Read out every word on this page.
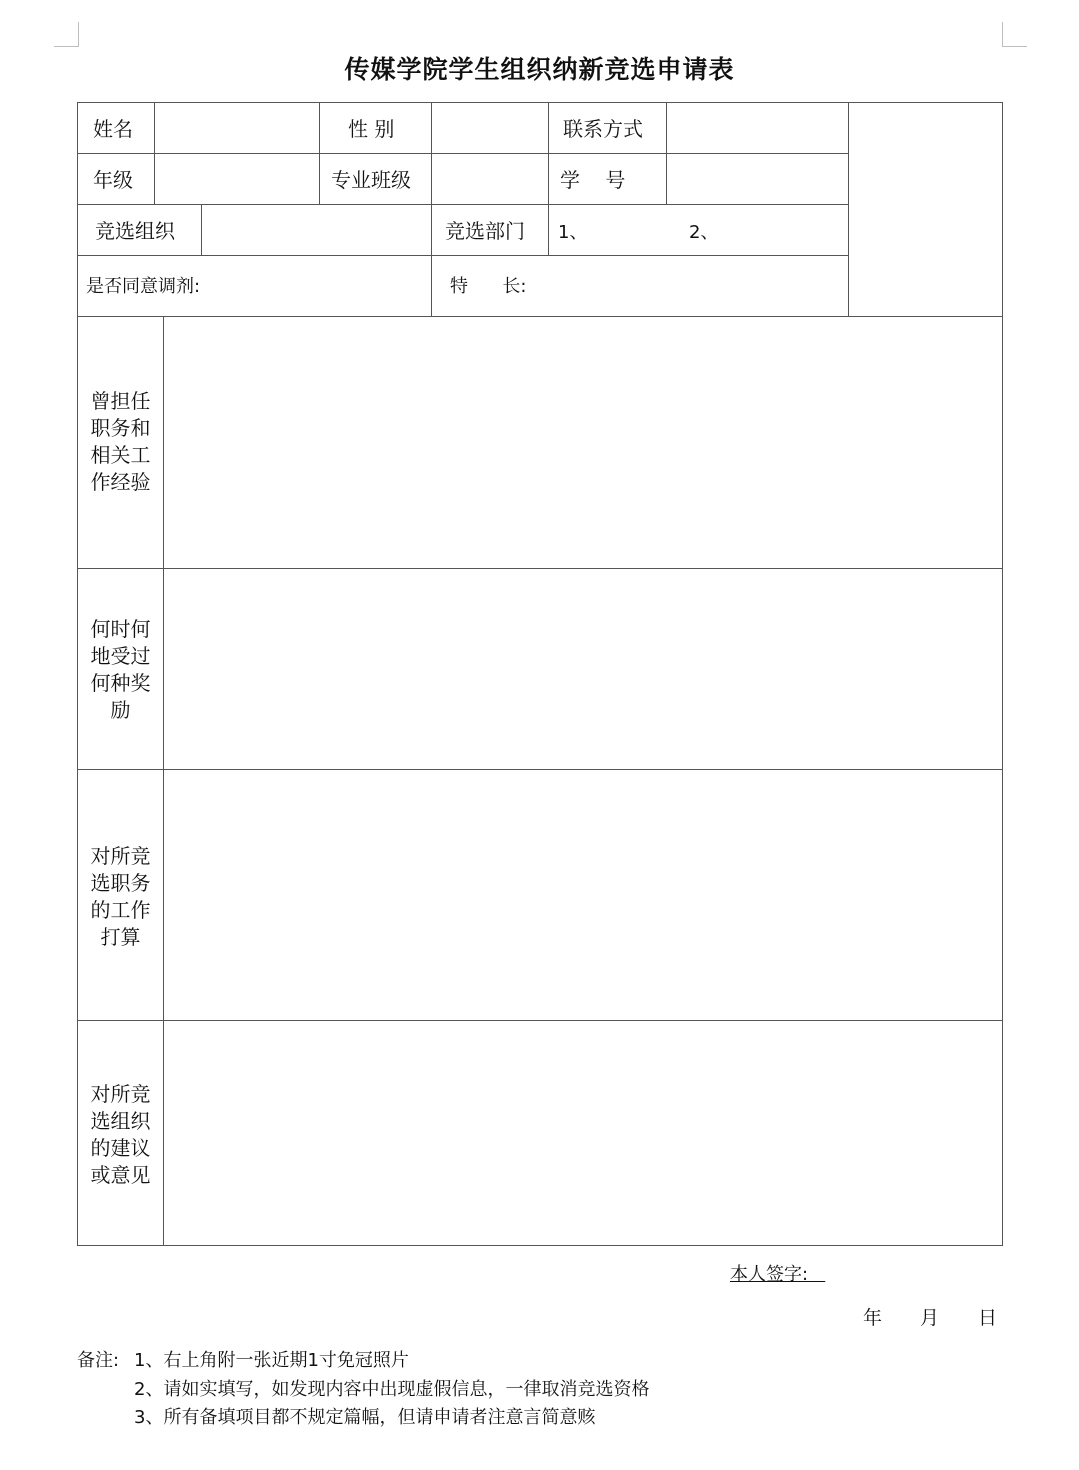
传媒学院学生组织纳新竞选申请表
姓名	性 别	联系方式
年级	专业班级	学    号
竞选组织	竞选部门 1、	2、
是否同意调剂:	特      长:
曾担任
职务和
相关工
作经验
何时何
地受过
何种奖
励
对所竞
选职务
的工作
打算
对所竞
选组织
的建议
或意见
本人签字:
年 月 日
备注: 1、右上角附一张近期1寸免冠照片
2、请如实填写，如发现内容中出现虚假信息，一律取消竞选资格
3、所有备填项目都不规定篇幅，但请申请者注意言简意赅
